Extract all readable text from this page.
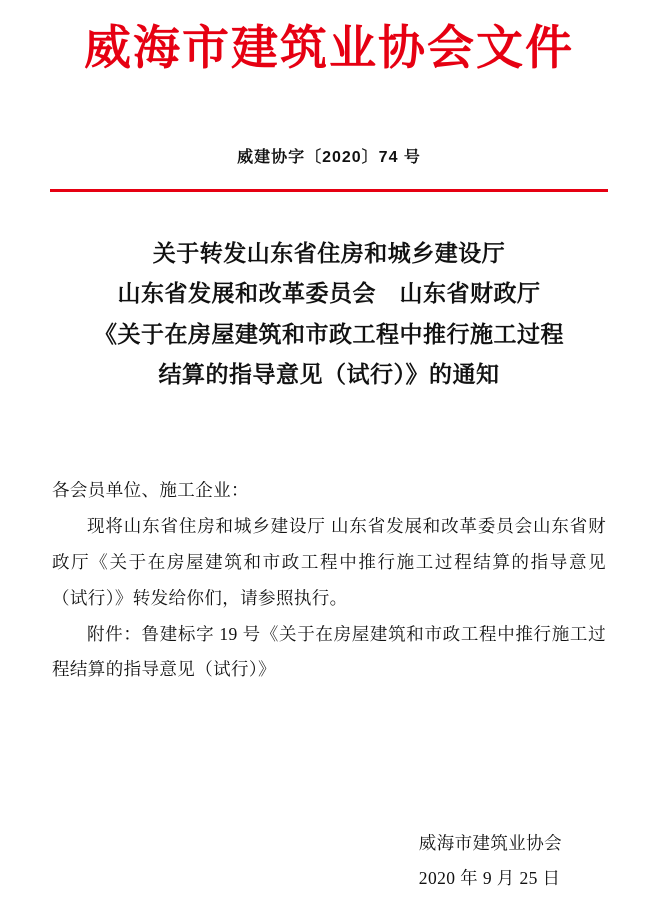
威海市建筑业协会文件
威建协字〔2020〕74 号
关于转发山东省住房和城乡建设厅
山东省发展和改革委员会　山东省财政厅
《关于在房屋建筑和市政工程中推行施工过程
结算的指导意见（试行）》的通知

各会员单位、施工企业：

现将山东省住房和城乡建设厅 山东省发展和改革委员会山东省财政厅《关于在房屋建筑和市政工程中推行施工过程结算的指导意见（试行）》转发给你们，请参照执行。

附件：鲁建标字 19 号《关于在房屋建筑和市政工程中推行施工过程结算的指导意见（试行）》

威海市建筑业协会
2020 年 9 月 25 日
